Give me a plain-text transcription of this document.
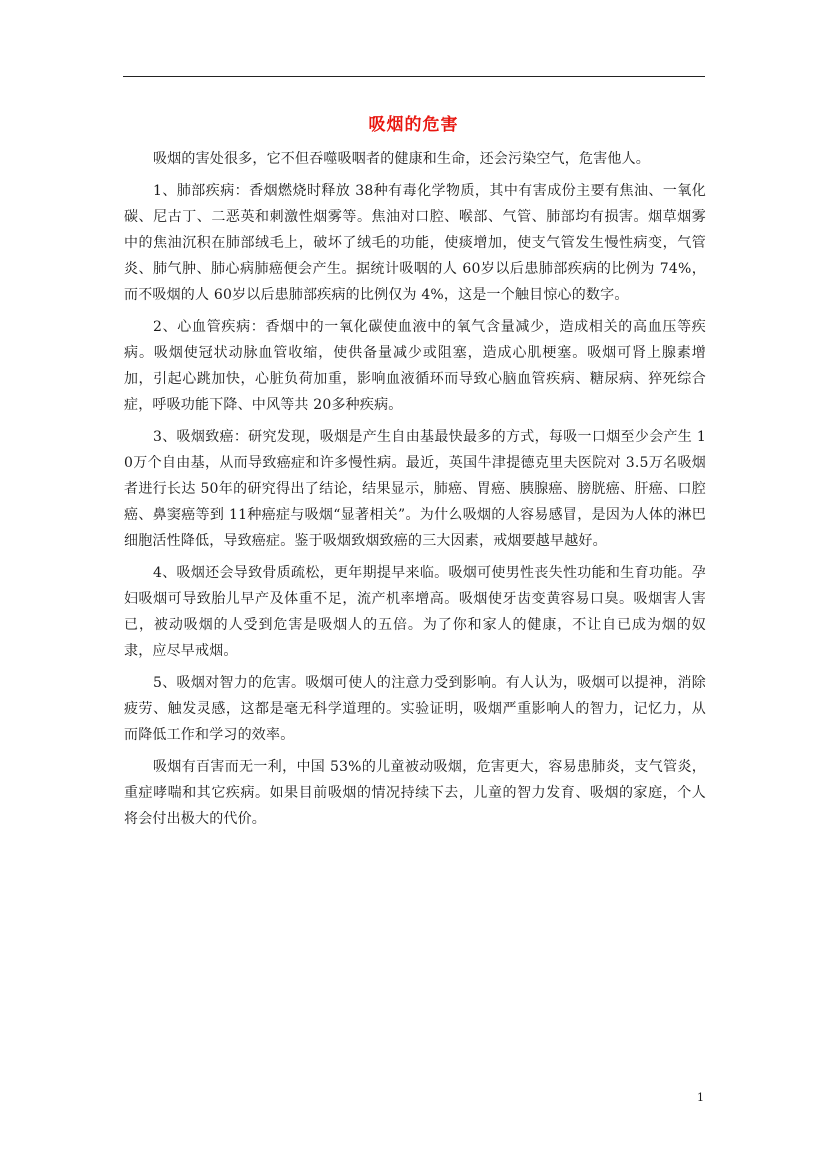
吸烟的危害

吸烟的害处很多，它不但吞噬吸咽者的健康和生命，还会污染空气，危害他人。

1、肺部疾病：香烟燃烧时释放 38种有毒化学物质，其中有害成份主要有焦油、一氧化碳、尼古丁、二恶英和刺激性烟雾等。焦油对口腔、喉部、气管、肺部均有损害。烟草烟雾中的焦油沉积在肺部绒毛上，破坏了绒毛的功能，使痰增加，使支气管发生慢性病变，气管炎、肺气肿、肺心病肺癌便会产生。据统计吸咽的人 60岁以后患肺部疾病的比例为 74%，而不吸烟的人 60岁以后患肺部疾病的比例仅为 4%，这是一个触目惊心的数字。

2、心血管疾病：香烟中的一氧化碳使血液中的氧气含量减少，造成相关的高血压等疾病。吸烟使冠状动脉血管收缩，使供备量减少或阻塞，造成心肌梗塞。吸烟可肾上腺素增加，引起心跳加快，心脏负荷加重，影响血液循环而导致心脑血管疾病、糖尿病、猝死综合症，呼吸功能下降、中风等共 20多种疾病。

3、吸烟致癌：研究发现，吸烟是产生自由基最快最多的方式，每吸一口烟至少会产生 10万个自由基，从而导致癌症和许多慢性病。最近，英国牛津提德克里夫医院对 3.5万名吸烟者进行长达 50年的研究得出了结论，结果显示，肺癌、胃癌、胰腺癌、膀胱癌、肝癌、口腔癌、鼻窦癌等到 11种癌症与吸烟“显著相关”。为什么吸烟的人容易感冒，是因为人体的淋巴细胞活性降低，导致癌症。鉴于吸烟致烟致癌的三大因素，戒烟要越早越好。

4、吸烟还会导致骨质疏松，更年期提早来临。吸烟可使男性丧失性功能和生育功能。孕妇吸烟可导致胎儿早产及体重不足，流产机率增高。吸烟使牙齿变黄容易口臭。吸烟害人害已，被动吸烟的人受到危害是吸烟人的五倍。为了你和家人的健康，不让自已成为烟的奴隶，应尽早戒烟。

5、吸烟对智力的危害。吸烟可使人的注意力受到影响。有人认为，吸烟可以提神，消除疲劳、触发灵感，这都是毫无科学道理的。实验证明，吸烟严重影响人的智力，记忆力，从而降低工作和学习的效率。

吸烟有百害而无一利，中国 53%的儿童被动吸烟，危害更大，容易患肺炎，支气管炎，重症哮喘和其它疾病。如果目前吸烟的情况持续下去，儿童的智力发育、吸烟的家庭，个人将会付出极大的代价。

1
